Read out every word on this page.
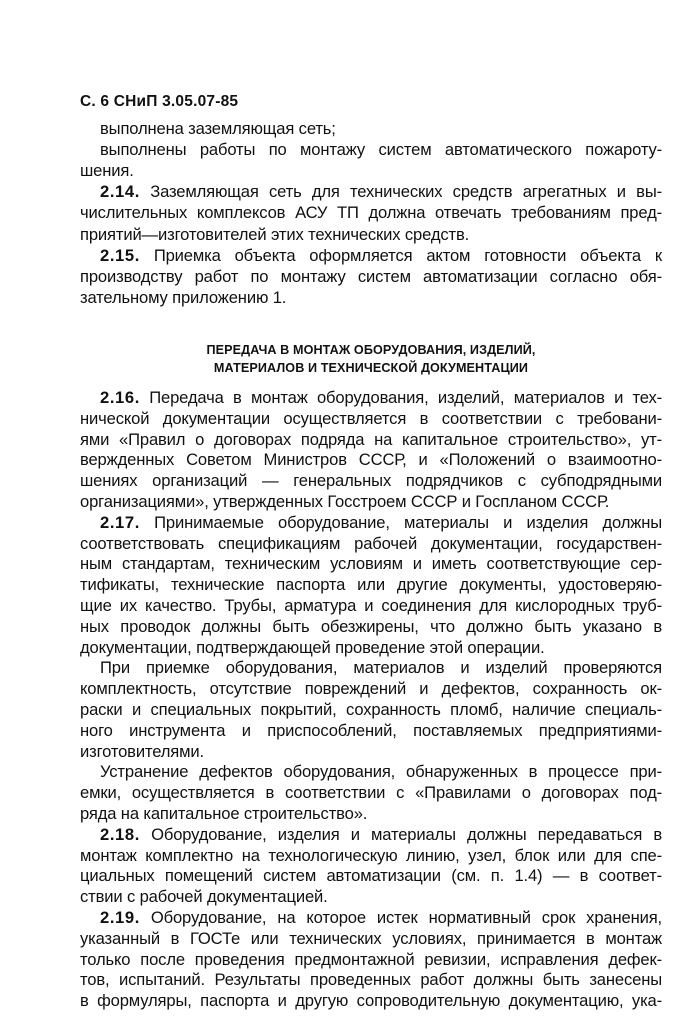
С. 6 СНиП 3.05.07-85
ПЕРЕДАЧА В МОНТАЖ ОБОРУДОВАНИЯ, ИЗДЕЛИЙ,
МАТЕРИАЛОВ И ТЕХНИЧЕСКОЙ ДОКУМЕНТАЦИИ
выполнена заземляющая сеть;
выполнены работы по монтажу систем автоматического пожароту-
шения.
2.14. Заземляющая сеть для технических средств агрегатных и вы-
числительных комплексов АСУ ТП должна отвечать требованиям пред-
приятий—изготовителей этих технических средств.
2.15. Приемка объекта оформляется актом готовности объекта к
производству работ по монтажу систем автоматизации согласно обя-
зательному приложению 1.
2.16. Передача в монтаж оборудования, изделий, материалов и тех-
нической документации осуществляется в соответствии с требовани-
ями «Правил о договорах подряда на капитальное строительство», ут-
вержденных Советом Министров СССР, и «Положений о взаимоотно-
шениях организаций — генеральных подрядчиков с субподрядными
организациями», утвержденных Госстроем СССР и Госпланом СССР.
2.17. Принимаемые оборудование, материалы и изделия должны
соответствовать спецификациям рабочей документации, государствен-
ным стандартам, техническим условиям и иметь соответствующие сер-
тификаты, технические паспорта или другие документы, удостоверяю-
щие их качество. Трубы, арматура и соединения для кислородных труб-
ных проводок должны быть обезжирены, что должно быть указано в
документации, подтверждающей проведение этой операции.
При приемке оборудования, материалов и изделий проверяются
комплектность, отсутствие повреждений и дефектов, сохранность ок-
раски и специальных покрытий, сохранность пломб, наличие специаль-
ного инструмента и приспособлений, поставляемых предприятиями-
изготовителями.
Устранение дефектов оборудования, обнаруженных в процессе при-
емки, осуществляется в соответствии с «Правилами о договорах под-
ряда на капитальное строительство».
2.18. Оборудование, изделия и материалы должны передаваться в
монтаж комплектно на технологическую линию, узел, блок или для спе-
циальных помещений систем автоматизации (см. п. 1.4) — в соответ-
ствии с рабочей документацией.
2.19. Оборудование, на которое истек нормативный срок хранения,
указанный в ГОСТе или технических условиях, принимается в монтаж
только после проведения предмонтажной ревизии, исправления дефек-
тов, испытаний. Результаты проведенных работ должны быть занесены
в формуляры, паспорта и другую сопроводительную документацию, ука-
